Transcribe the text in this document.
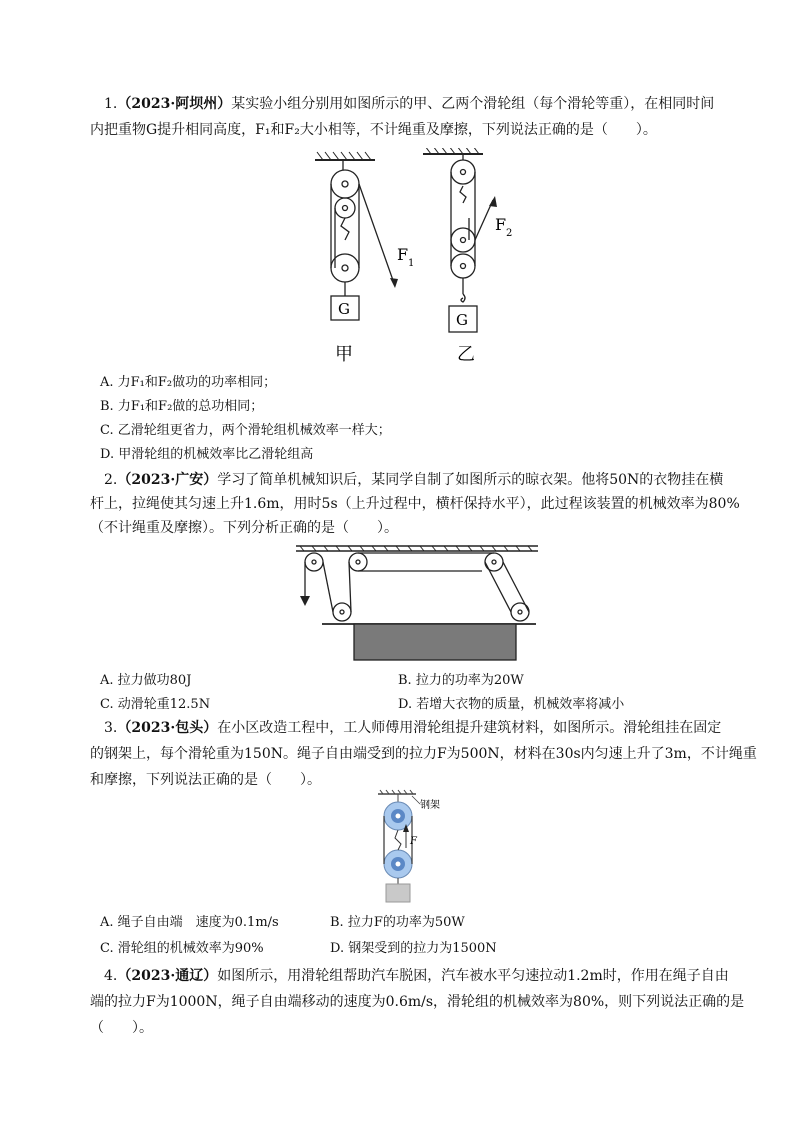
1.（2023·阿坝州）某实验小组分别用如图所示的甲、乙两个滑轮组（每个滑轮等重），在相同时间
内把重物G提升相同高度，F₁和F₂大小相等，不计绳重及摩擦，下列说法正确的是（　　）。
G
F 1
甲
G
F 2
乙
A. 力F₁和F₂做功的功率相同；
B. 力F₁和F₂做的总功相同；
C. 乙滑轮组更省力，两个滑轮组机械效率一样大；
D. 甲滑轮组的机械效率比乙滑轮组高
2.（2023·广安）学习了简单机械知识后，某同学自制了如图所示的晾衣架。他将50N的衣物挂在横
杆上，拉绳使其匀速上升1.6m，用时5s（上升过程中，横杆保持水平），此过程该装置的机械效率为80%
（不计绳重及摩擦）。下列分析正确的是（　　）。
A. 拉力做功80J	B. 拉力的功率为20W
C. 动滑轮重12.5N	D. 若增大衣物的质量，机械效率将减小
3.（2023·包头）在小区改造工程中，工人师傅用滑轮组提升建筑材料，如图所示。滑轮组挂在固定
的钢架上，每个滑轮重为150N。绳子自由端受到的拉力F为500N，材料在30s内匀速上升了3m，不计绳重
和摩擦，下列说法正确的是（　　）。
钢架
F
A. 绳子自由端　速度为0.1m/s	B. 拉力F的功率为50W
C. 滑轮组的机械效率为90%	D. 钢架受到的拉力为1500N
4.（2023·通辽）如图所示，用滑轮组帮助汽车脱困，汽车被水平匀速拉动1.2m时，作用在绳子自由
端的拉力F为1000N，绳子自由端移动的速度为0.6m/s，滑轮组的机械效率为80%，则下列说法正确的是
（　　）。
